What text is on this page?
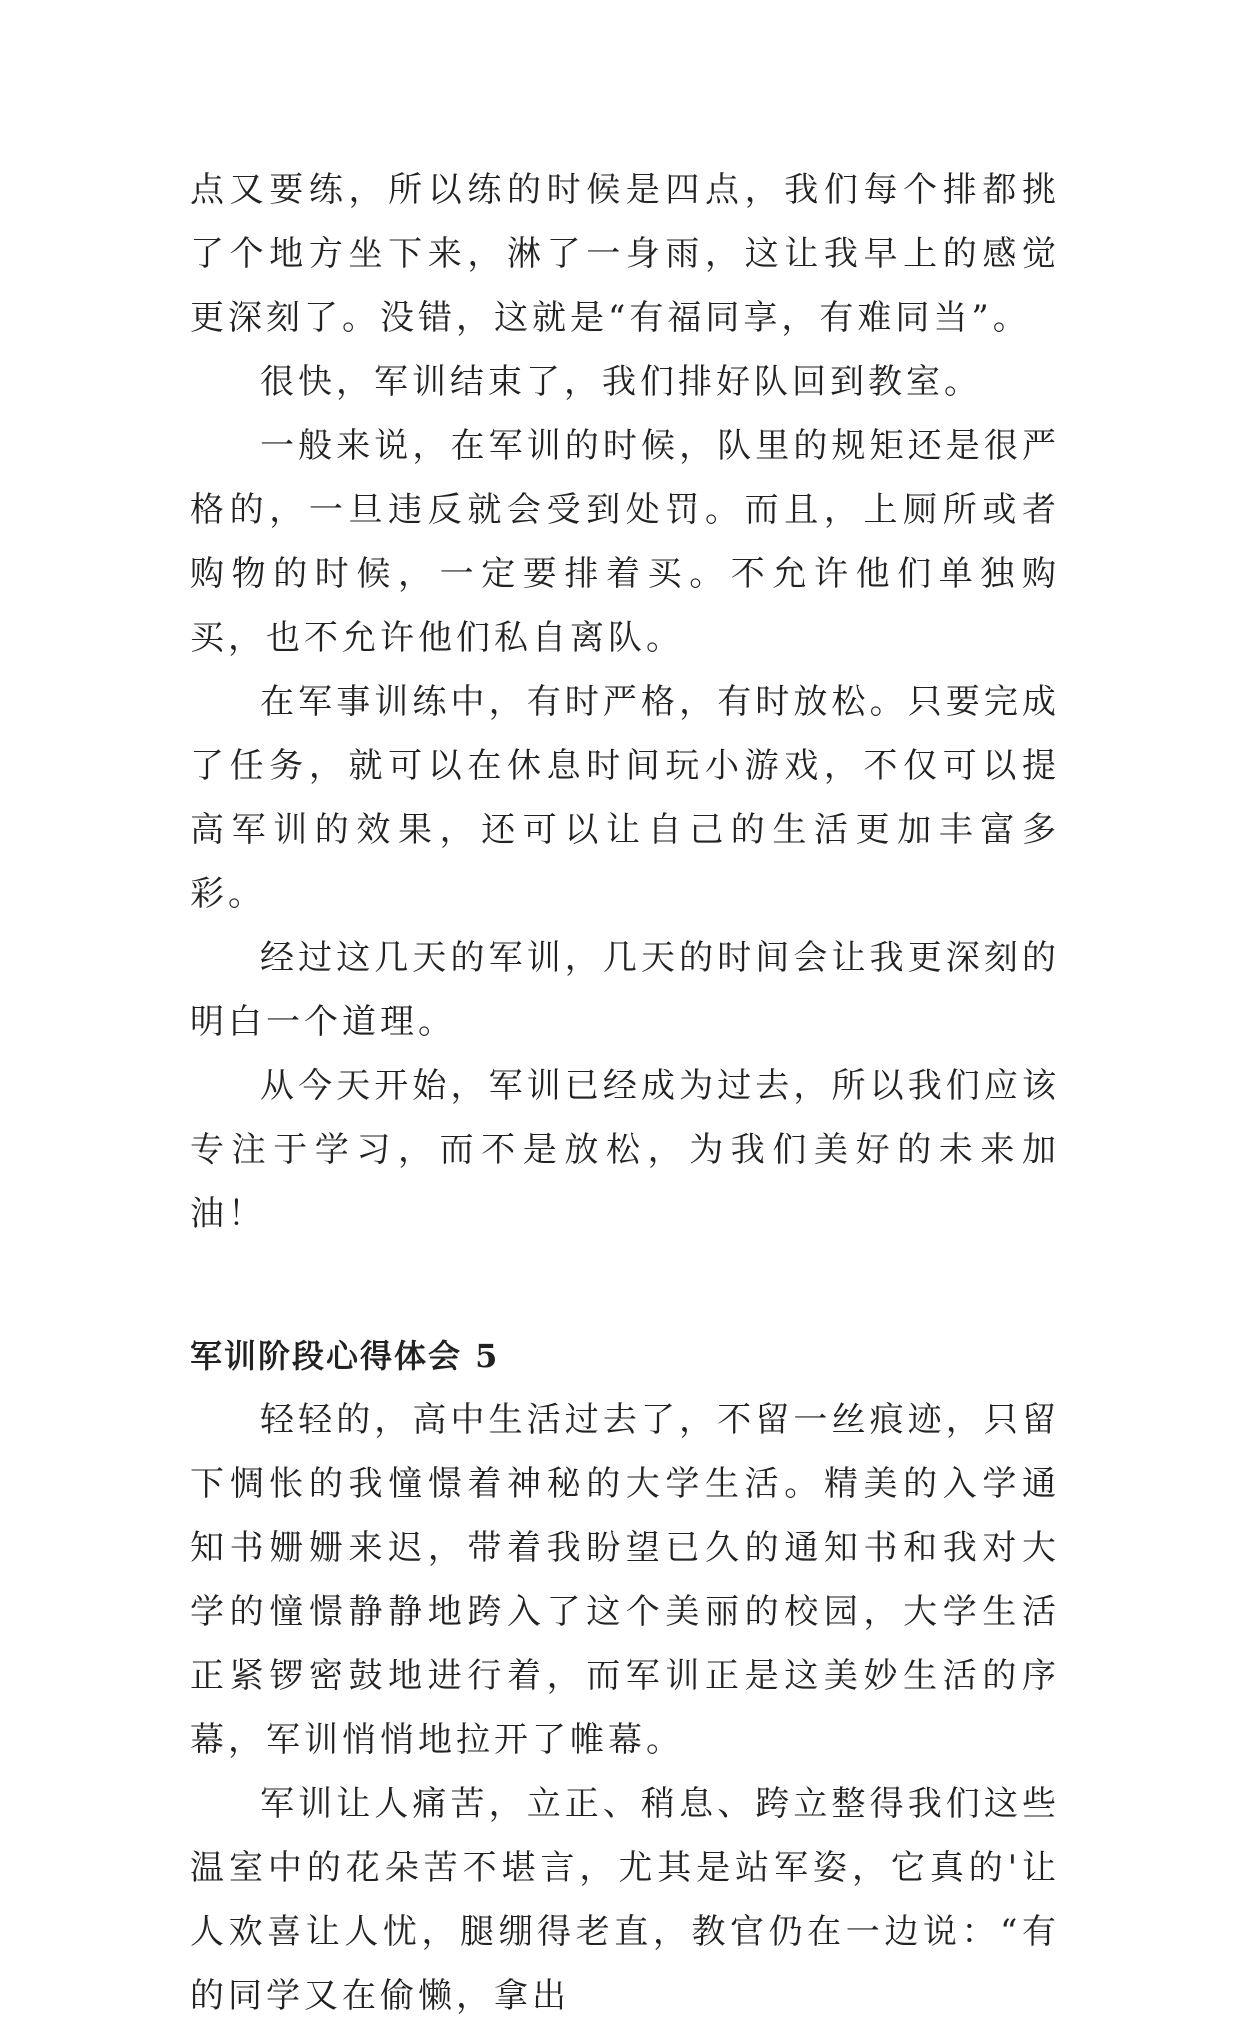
点又要练，所以练的时候是四点，我们每个排都挑了个地方坐下来，淋了一身雨，这让我早上的感觉更深刻了。没错，这就是“有福同享，有难同当”。

很快，军训结束了，我们排好队回到教室。

一般来说，在军训的时候，队里的规矩还是很严格的，一旦违反就会受到处罚。而且，上厕所或者购物的时候，一定要排着买。不允许他们单独购买，也不允许他们私自离队。

在军事训练中，有时严格，有时放松。只要完成了任务，就可以在休息时间玩小游戏，不仅可以提高军训的效果，还可以让自己的生活更加丰富多彩。

经过这几天的军训，几天的时间会让我更深刻的明白一个道理。

从今天开始，军训已经成为过去，所以我们应该专注于学习，而不是放松，为我们美好的未来加油！

军训阶段心得体会 5

轻轻的，高中生活过去了，不留一丝痕迹，只留下惆怅的我憧憬着神秘的大学生活。精美的入学通知书姗姗来迟，带着我盼望已久的通知书和我对大学的憧憬静静地跨入了这个美丽的校园，大学生活正紧锣密鼓地进行着，而军训正是这美妙生活的序幕，军训悄悄地拉开了帷幕。

军训让人痛苦，立正、稍息、跨立整得我们这些温室中的花朵苦不堪言，尤其是站军姿，它真的'让人欢喜让人忧，腿绷得老直，教官仍在一边说：“有的同学又在偷懒，拿出
